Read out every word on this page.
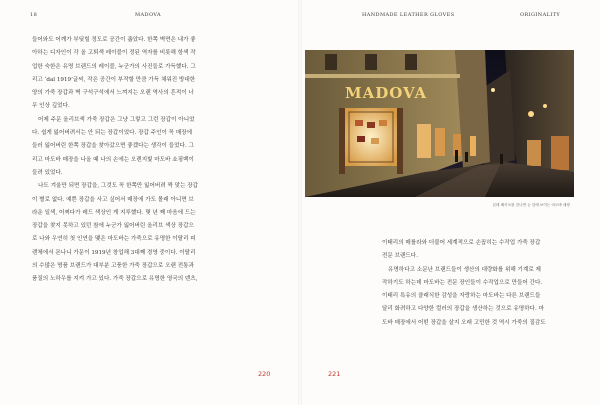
18	MADOVA
들어와도 어깨가 부딪힐 정도로 공간이 좁았다. 한쪽 벽면은 내가 좋
아하는 디자인이 각 올 고퇴색 레이블이 정된 역자를 비롯해 항색 작
업한 숙한은 유명 브랜드의 레이블, 누군가의 사진들로 가득했다. 그
리고 ‘dal 1919’글씨, 작은 공간이 부작할 만큼 가득 채워진 방대한
양의 가죽 장갑과 벽 구석구석에서 느껴지는 오랜 역사의 흔적이 너
무 인상 깊었다.
어제 주문 올리브색 가죽 장갑은 그냥 그렇고 그런 장갑이 아니었
다. 쉽게 잃어버려서는 안 되는 장갑이었다. 장갑 주인이 꼭 매장에
들러 잃어버린 한쪽 장갑을 찾아갔으면 좋겠다는 생각이 들었다. 그
리고 마도바 매장을 나올 때 나의 손에는 오렌지빛 마도바 쇼핑백이
들려 있었다.
나도 겨울만 되면 장갑을, 그것도 꼭 한쪽만 잃어버려 짝 맞는 장갑
이 별로 없다. 예쁜 장갑을 사고 싶어서 매장에 가도 몰래 아니면 브
라운 일색, 어쩌다가 레드 색상인 게 지루했다. 몇 년 째 마음에 드는
장갑을 찾지 못하고 있던 참에 누군가 잃어버린 올리브 색상 장갑으
로 나와 우연히 첫 인연을 맺은 마도바는 가죽으로 유명한 이탈리 피
렌체에서 몬나니 가문이 1919년 창업해 3대째 경영 중이다. 이탈리
의 수많은 명품 브랜드가 대부분 고풍한 가죽 장갑으로 오랜 전통과
품질의 노하우를 지켜 가고 있다. 가죽 장갑으로 유명한 영국의 덴츠,
220
HANDMADE LEATHER GLOVES	ORIGINALITY
MADOVA
몬테 베키오를 건너면 눈 앞에 보이는 마도바 매장
이태리의 메를라와 더불어 세계적으로 손꼽히는 수작업 가죽 장갑
전문 브랜드다.
유명하다고 소문난 브랜드들이 생산의 대량화를 위해 기계로 제
작하기도 하는데 마도바는 전문 장인들이 수작업으로 만들어 간다.
이태리 특유의 클래식한 감성을 자랑하는 마도바는 다른 브랜드들
달리 화려하고 다양한 컬러의 장갑을 생산하는 것으로 유명하다. 마
도바 매장에서 어떤 장갑을 살지 오래 고민한 것 역시 가죽의 질감도
221
